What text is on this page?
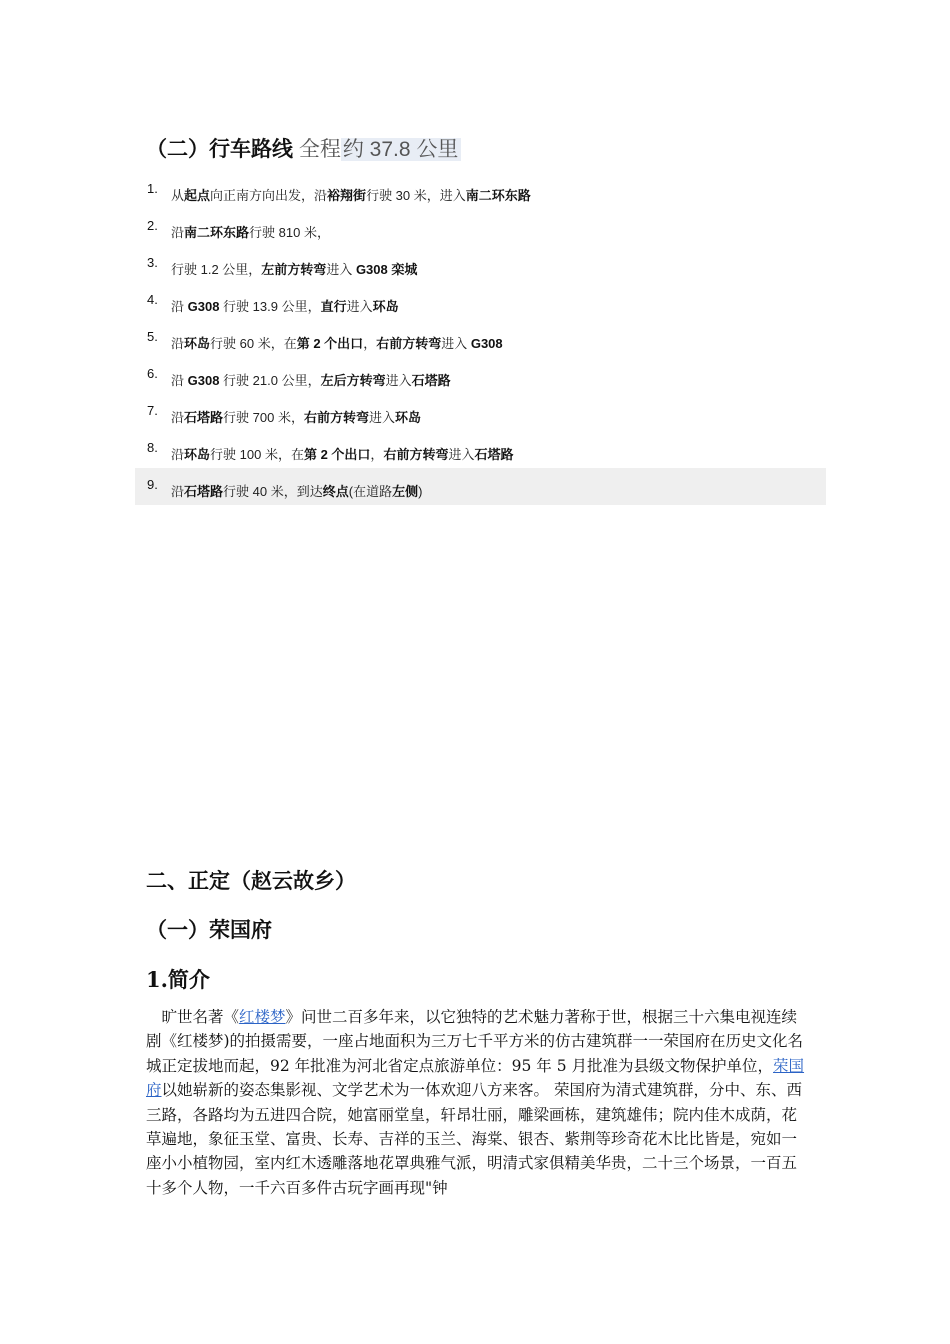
（二）行车路线 全程约 37.8 公里
1. 从起点向正南方向出发，沿裕翔街行驶 30 米，进入南二环东路
2. 沿南二环东路行驶 810 米，
3. 行驶 1.2 公里，左前方转弯进入 G308 栾城
4. 沿 G308 行驶 13.9 公里，直行进入环岛
5. 沿环岛行驶 60 米，在第 2 个出口，右前方转弯进入 G308
6. 沿 G308 行驶 21.0 公里，左后方转弯进入石塔路
7. 沿石塔路行驶 700 米，右前方转弯进入环岛
8. 沿环岛行驶 100 米，在第 2 个出口，右前方转弯进入石塔路
9. 沿石塔路行驶 40 米，到达终点(在道路左侧)
二、正定（赵云故乡）
（一）荣国府
1.简介

　旷世名著《红楼梦》问世二百多年来，以它独特的艺术魅力著称于世，根据三十六集电视连续剧《红楼梦)的拍摄需要，一座占地面积为三万七千平方米的仿古建筑群一一荣国府在历史文化名城正定拔地而起，92 年批准为河北省定点旅游单位：95 年 5 月批准为县级文物保护单位，荣国府以她崭新的姿态集影视、文学艺术为一体欢迎八方来客。 荣国府为清式建筑群，分中、东、西三路，各路均为五进四合院，她富丽堂皇，轩昂壮丽，雕梁画栋，建筑雄伟；院内佳木成荫，花草遍地，象征玉堂、富贵、长寿、吉祥的玉兰、海棠、银杏、紫荆等珍奇花木比比皆是，宛如一座小小植物园，室内红木透雕落地花罩典雅气派，明清式家俱精美华贵，二十三个场景，一百五十多个人物，一千六百多件古玩字画再现"钟
